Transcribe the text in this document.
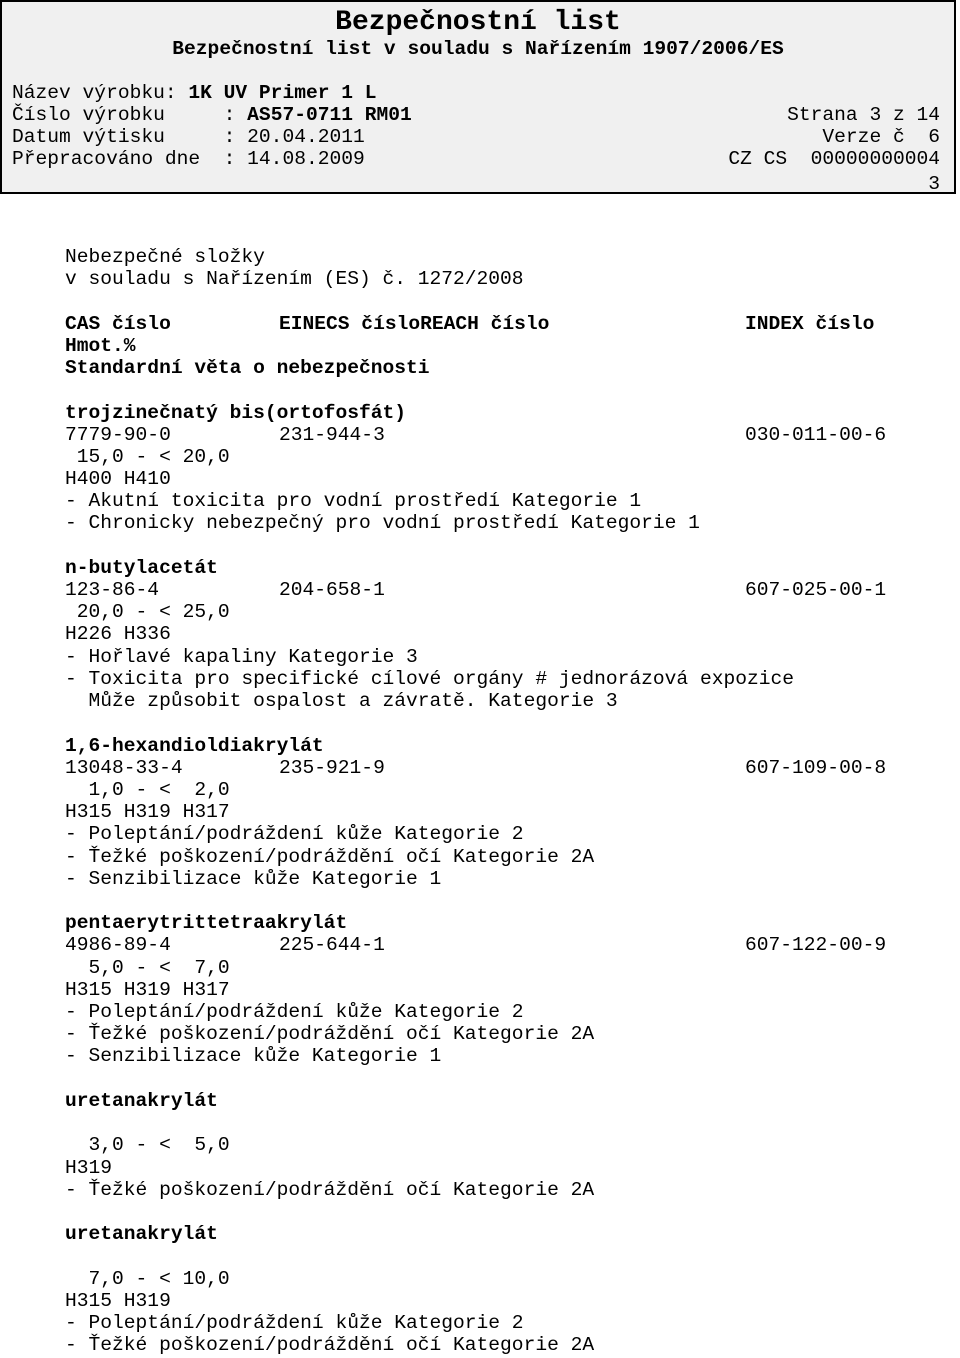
Bezpečnostní list
Bezpečnostní list v souladu s Nařízením 1907/2006/ES
Název výrobku: 1K UV Primer 1 L
Číslo výrobku     : AS57-0711 RM01	Strana 3 z 14
Datum výtisku     : 20.04.2011	Verze č  6
Přepracováno dne  : 14.08.2009	CZ CS  00000000004
3
Nebezpečné složky
v souladu s Nařízením (ES) č. 1272/2008
CAS číslo	EINECS čísloREACH číslo	INDEX číslo
Hmot.%
Standardní věta o nebezpečnosti
trojzinečnatý bis(ortofosfát)
7779-90-0	231-944-3	030-011-00-6
15,0 - < 20,0
H400 H410
- Akutní toxicita pro vodní prostředí Kategorie 1
- Chronicky nebezpečný pro vodní prostředí Kategorie 1
n-butylacetát
123-86-4	204-658-1	607-025-00-1
20,0 - < 25,0
H226 H336
- Hořlavé kapaliny Kategorie 3
- Toxicita pro specifické cílové orgány # jednorázová expozice
Může způsobit ospalost a závratě. Kategorie 3
1,6-hexandioldiakrylát
13048-33-4	235-921-9	607-109-00-8
1,0 - <  2,0
H315 H319 H317
- Poleptání/podráždení kůže Kategorie 2
- Ťežké poškození/podráždění očí Kategorie 2A
- Senzibilizace kůže Kategorie 1
pentaerytrittetraakrylát
4986-89-4	225-644-1	607-122-00-9
5,0 - <  7,0
H315 H319 H317
- Poleptání/podráždení kůže Kategorie 2
- Ťežké poškození/podráždění očí Kategorie 2A
- Senzibilizace kůže Kategorie 1
uretanakrylát
3,0 - <  5,0
H319
- Ťežké poškození/podráždění očí Kategorie 2A
uretanakrylát
7,0 - < 10,0
H315 H319
- Poleptání/podráždení kůže Kategorie 2
- Ťežké poškození/podráždění očí Kategorie 2A
